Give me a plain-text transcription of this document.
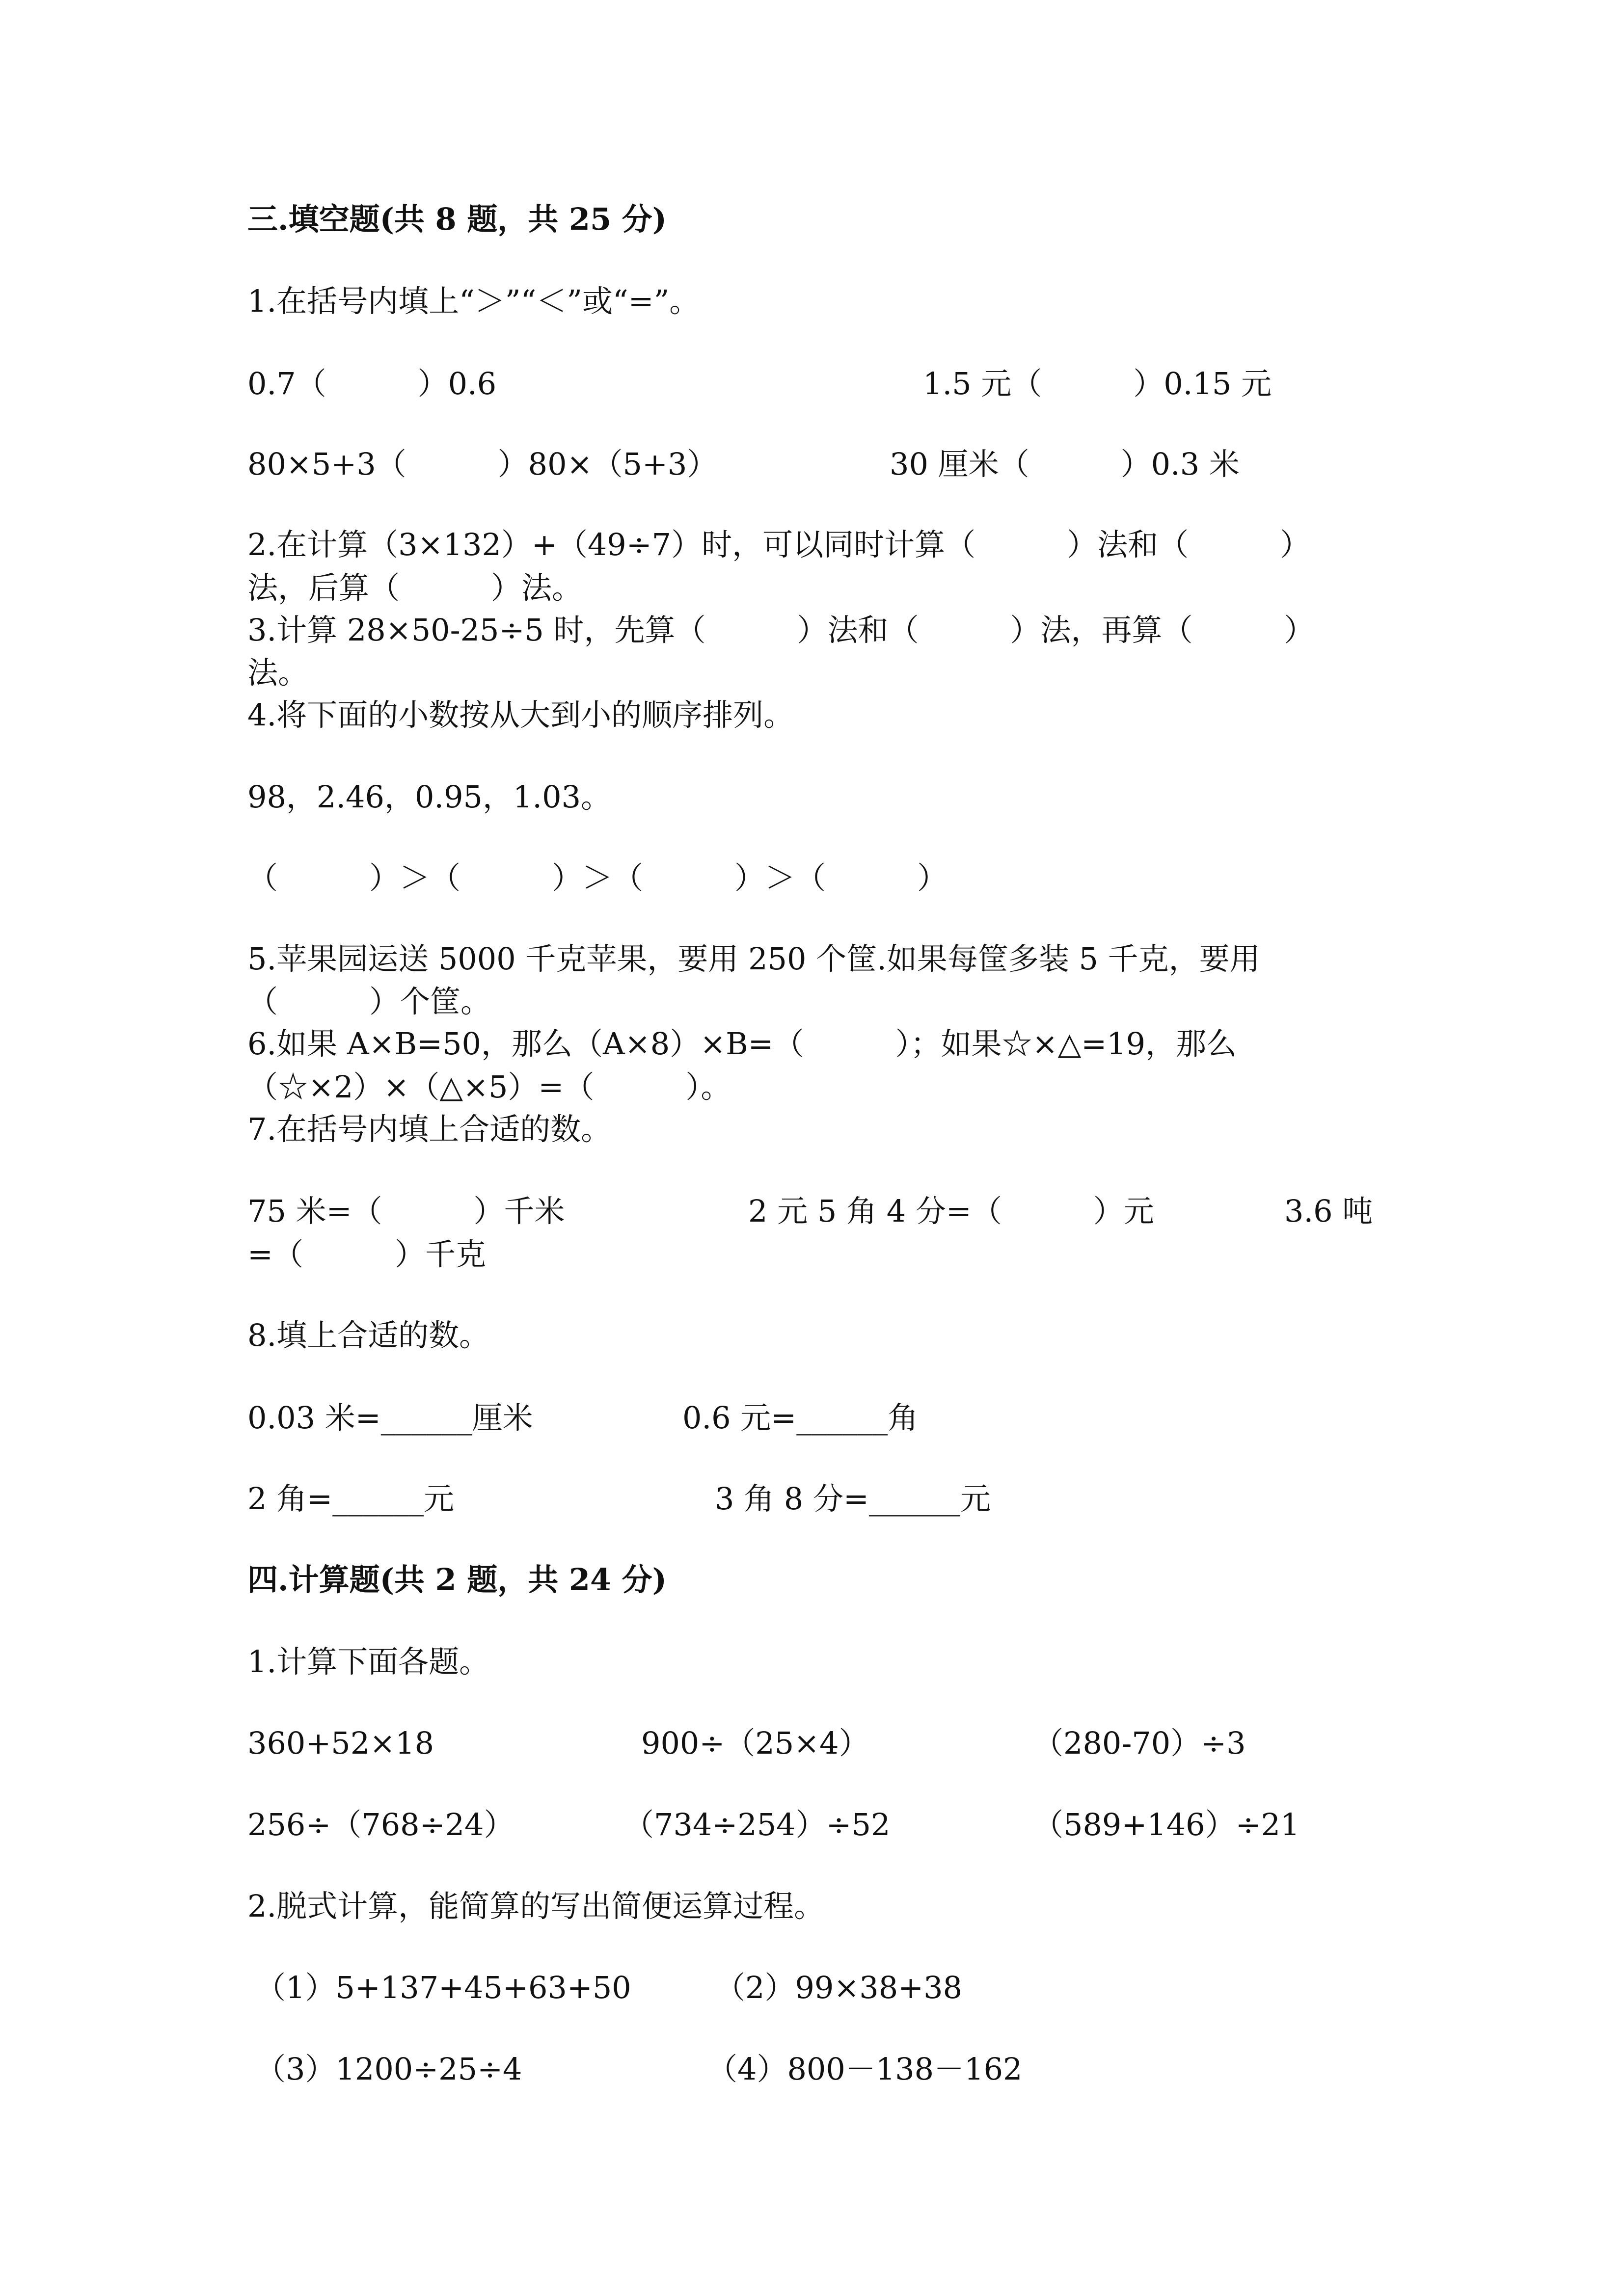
三.填空题(共 8 题，共 25 分)

1.在括号内填上“＞”“＜”或“=”。

0.7（　　　）0.6	1.5 元（　　　）0.15 元

80×5+3（　　　）80×（5+3）	30 厘米（　　　）0.3 米

2.在计算（3×132）+（49÷7）时，可以同时计算（　　　）法和（　　　）

法，后算（　　　）法。

3.计算 28×50-25÷5 时，先算（　　　）法和（　　　）法，再算（　　　）

法。

4.将下面的小数按从大到小的顺序排列。

98，2.46，0.95，1.03。

（　　　）＞（　　　）＞（　　　）＞（　　　）

5.苹果园运送 5000 千克苹果，要用 250 个筐.如果每筐多装 5 千克，要用

（　　　）个筐。

6.如果 A×B=50，那么（A×8）×B=（　　　）；如果☆×△=19，那么

（☆×2）×（△×5）=（　　　）。

7.在括号内填上合适的数。

75 米=（　　　）千米	2 元 5 角 4 分=（　　　）元	3.6 吨

=（　　　）千克

8.填上合适的数。

0.03 米=______厘米	0.6 元=______角

2 角=______元	3 角 8 分=______元

四.计算题(共 2 题，共 24 分)

1.计算下面各题。

360+52×18	900÷（25×4）	（280-70）÷3

256÷（768÷24）	（734÷254）÷52	（589+146）÷21

2.脱式计算，能简算的写出简便运算过程。

（1）5+137+45+63+50	（2）99×38+38

（3）1200÷25÷4	（4）800－138－162
